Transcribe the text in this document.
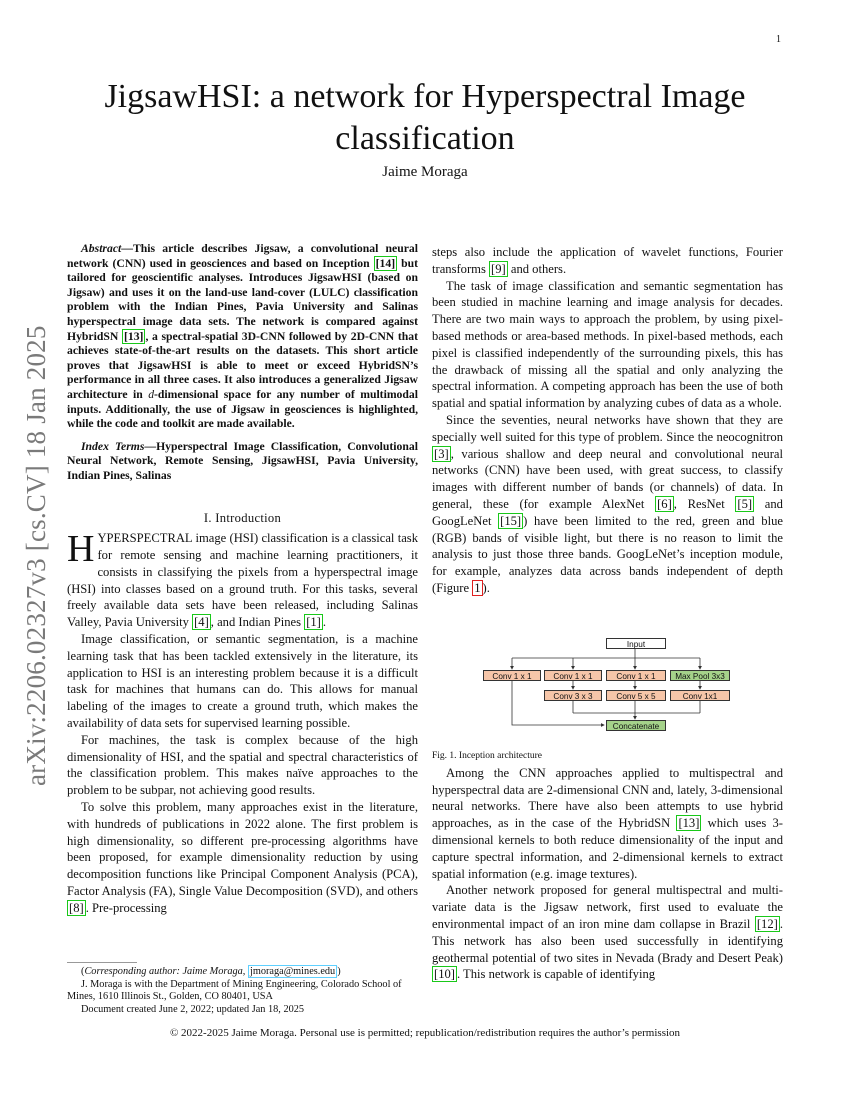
1
arXiv:2206.02327v3 [cs.CV] 18 Jan 2025
JigsawHSI: a network for Hyperspectral Image classification
Jaime Moraga

Abstract—This article describes Jigsaw, a convolutional neural network (CNN) used in geosciences and based on Inception [14] but tailored for geoscientific analyses. Introduces JigsawHSI (based on Jigsaw) and uses it on the land-use land-cover (LULC) classification problem with the Indian Pines, Pavia University and Salinas hyperspectral image data sets. The network is compared against HybridSN [13] , a spectral-spatial 3D-CNN followed by 2D-CNN that achieves state-of-the-art results on the datasets. This short article proves that JigsawHSI is able to meet or exceed HybridSN’s performance in all three cases. It also introduces a generalized Jigsaw architecture in d-dimensional space for any number of multimodal inputs. Additionally, the use of Jigsaw in geosciences is highlighted, while the code and toolkit are made available.

Index Terms—Hyperspectral Image Classification, Convolutional Neural Network, Remote Sensing, JigsawHSI, Pavia University, Indian Pines, Salinas

I. Introduction

HYPERSPECTRAL image (HSI) classification is a classical task for remote sensing and machine learning practitioners, it consists in classifying the pixels from a hyperspectral image (HSI) into classes based on a ground truth. For this tasks, several freely available data sets have been released, including Salinas Valley, Pavia University [4] , and Indian Pines [1] .

Image classification, or semantic segmentation, is a machine learning task that has been tackled extensively in the literature, its application to HSI is an interesting problem because it is a difficult task for machines that humans can do. This allows for manual labeling of the images to create a ground truth, which makes the availability of data sets for supervised learning possible.

For machines, the task is complex because of the high dimensionality of HSI, and the spatial and spectral characteristics of the classification problem. This makes naïve approaches to the problem to be subpar, not achieving good results.

To solve this problem, many approaches exist in the literature, with hundreds of publications in 2022 alone. The first problem is high dimensionality, so different pre-processing algorithms have been proposed, for example dimensionality reduction by using decomposition functions like Principal Component Analysis (PCA), Factor Analysis (FA), Single Value Decomposition (SVD), and others [8] . Pre-processing

(Corresponding author: Jaime Moraga, jmoraga@mines.edu )

J. Moraga is with the Department of Mining Engineering, Colorado School of Mines, 1610 Illinois St., Golden, CO 80401, USA

Document created June 2, 2022; updated Jan 18, 2025

steps also include the application of wavelet functions, Fourier transforms [9] and others.

The task of image classification and semantic segmentation has been studied in machine learning and image analysis for decades. There are two main ways to approach the problem, by using pixel-based methods or area-based methods. In pixel-based methods, each pixel is classified independently of the surrounding pixels, this has the drawback of missing all the spatial and only analyzing the spectral information. A competing approach has been the use of both spatial and spatial information by analyzing cubes of data as a whole.

Since the seventies, neural networks have shown that they are specially well suited for this type of problem. Since the neocognitron [3] , various shallow and deep neural and convolutional neural networks (CNN) have been used, with great success, to classify images with different number of bands (or channels) of data. In general, these (for example AlexNet [6] , ResNet [5] and GoogLeNet [15] ) have been limited to the red, green and blue (RGB) bands of visible light, but there is no reason to limit the analysis to just those three bands. GoogLeNet’s inception module, for example, analyzes data across bands independent of depth (Figure 1 ).

Among the CNN approaches applied to multispectral and hyperspectral data are 2-dimensional CNN and, lately, 3-dimensional neural networks. There have also been attempts to use hybrid approaches, as in the case of the HybridSN [13] which uses 3-dimensional kernels to both reduce dimensionality of the input and capture spectral information, and 2-dimensional kernels to extract spatial information (e.g. image textures).

Another network proposed for general multispectral and multi-variate data is the Jigsaw network, first used to evaluate the environmental impact of an iron mine dam collapse in Brazil [12] . This network has also been used successfully in identifying geothermal potential of two sites in Nevada (Brady and Desert Peak) [10] . This network is capable of identifying

Input
Conv 1 x 1	Conv 1 x 1	Conv 1 x 1	Max Pool 3x3
Conv 3 x 3	Conv 5 x 5	Conv 1x1
Concatenate
Fig. 1. Inception architecture
© 2022-2025 Jaime Moraga. Personal use is permitted; republication/redistribution requires the author’s permission
